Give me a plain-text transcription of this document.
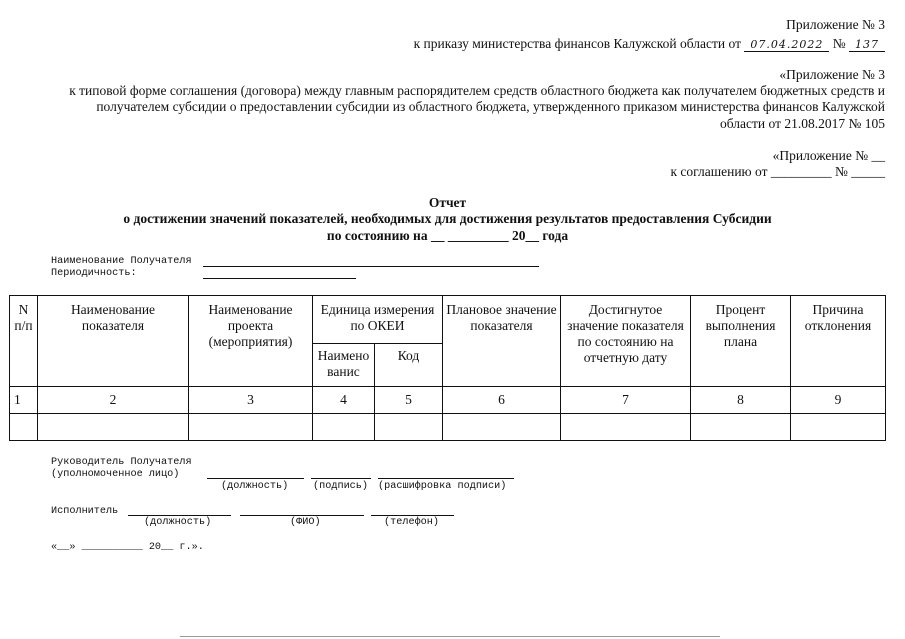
Приложение № 3
к приказу министерства финансов Калужской области от 07.04.2022 № 137
«Приложение № 3
к типовой форме соглашения (договора) между главным распорядителем средств областного бюджета как получателем бюджетных средств и
получателем субсидии о предоставлении субсидии из областного бюджета, утвержденного приказом министерства финансов Калужской
области от 21.08.2017 № 105
«Приложение № __
к соглашению от _________ № _____
Отчет
о достижении значений показателей, необходимых для достижения результатов предоставления Субсидии
по состоянию на __ _________ 20__ года
Наименование Получателя
Периодичность:
N п/п	Наименование показателя	Наименование проекта (мероприятия)	Единица измерения по ОКЕИ		Плановое значение показателя	Достигнутое значение показателя по состоянию на отчетную дату	Процент выполнения плана	Причина отклонения
			Наимено ванис	Код				
1	2	3	4	5	6	7	8	9

Руководитель Получателя
(уполномоченное лицо)
(должность) (подпись) (расшифровка подписи)
Исполнитель
(должность)	(ФИО)	(телефон)
«__» __________ 20__ г.».
